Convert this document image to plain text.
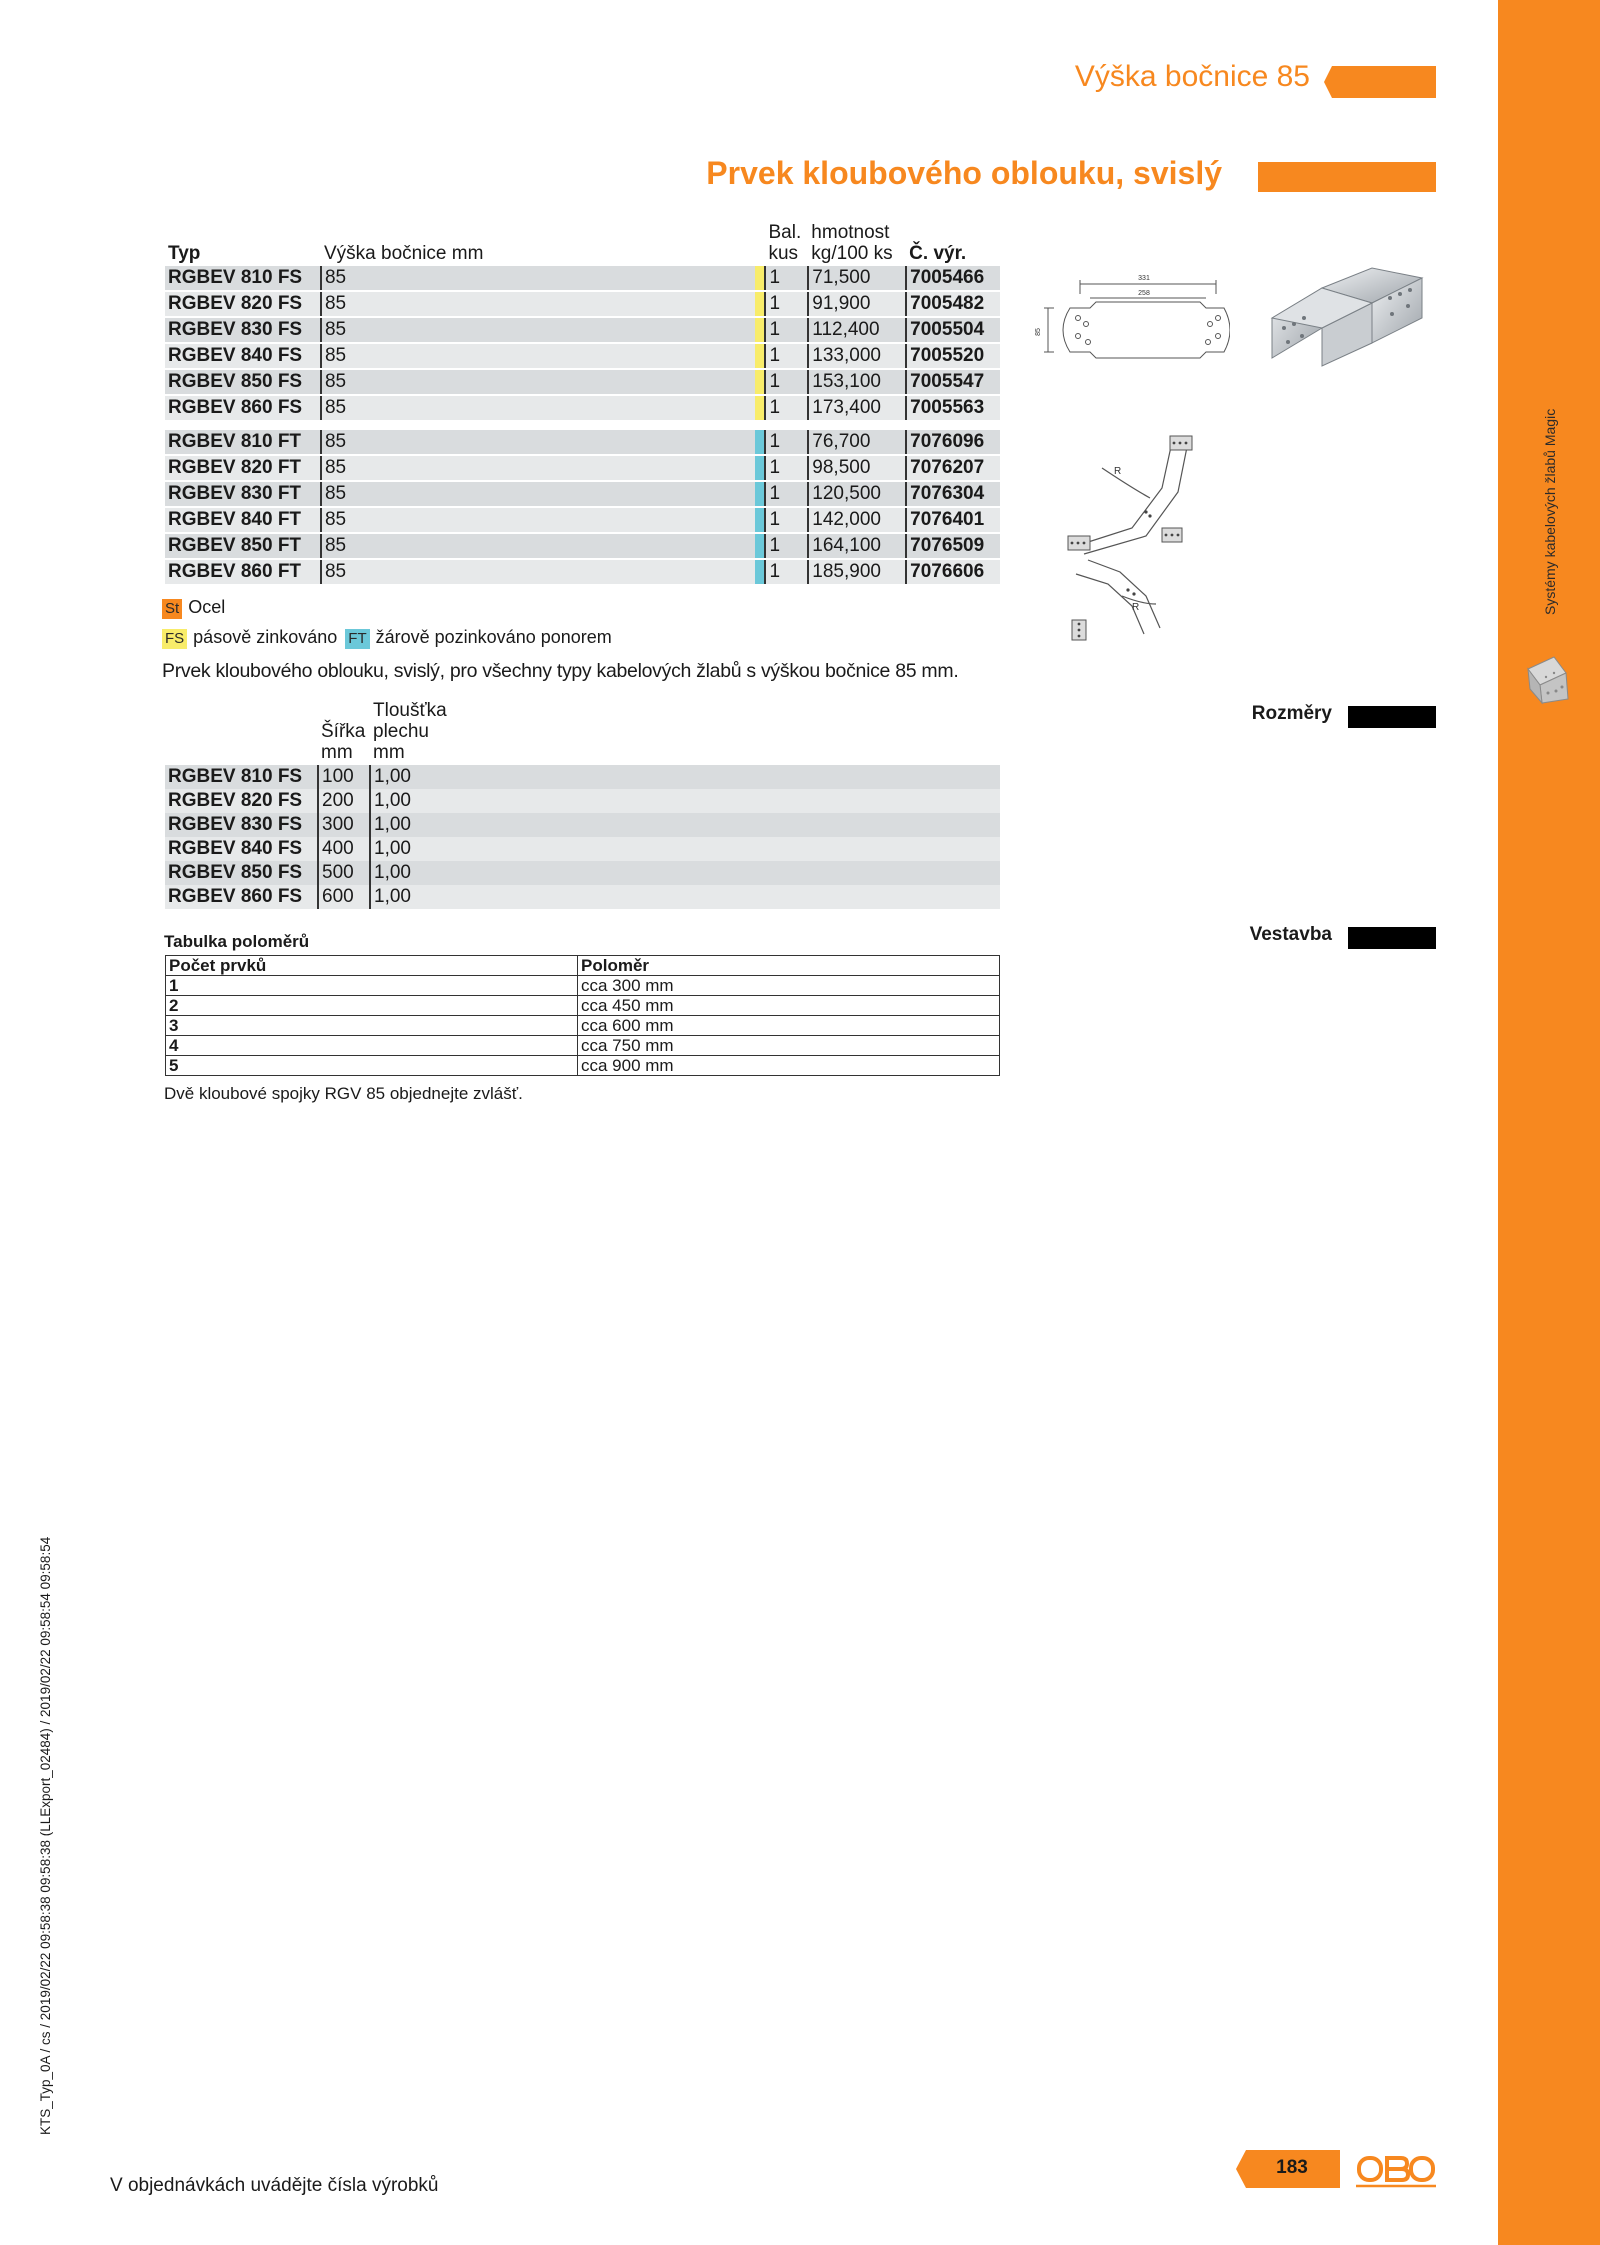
Systémy kabelových žlabů Magic
Výška bočnice 85
Prvek kloubového oblouku, svislý
Typ	Výška bočnice mm		Bal. kus	hmotnost kg/100 ks	Č. výr.
RGBEV 810 FS	85		1	71,500	7005466
RGBEV 820 FS	85		1	91,900	7005482
RGBEV 830 FS	85		1	112,400	7005504
RGBEV 840 FS	85		1	133,000	7005520
RGBEV 850 FS	85		1	153,100	7005547
RGBEV 860 FS	85		1	173,400	7005563

RGBEV 810 FT	85		1	76,700	7076096
RGBEV 820 FT	85		1	98,500	7076207
RGBEV 830 FT	85		1	120,500	7076304
RGBEV 840 FT	85		1	142,000	7076401
RGBEV 850 FT	85		1	164,100	7076509
RGBEV 860 FT	85		1	185,900	7076606
St Ocel
FS pásově zinkováno FT žárově pozinkováno ponorem
Prvek kloubového oblouku, svislý, pro všechny typy kabelových žlabů s výškou bočnice 85 mm.
	Šířka mm	Tloušťka plechu mm	
RGBEV 810 FS	100	1,00	
RGBEV 820 FS	200	1,00	
RGBEV 830 FS	300	1,00	
RGBEV 840 FS	400	1,00	
RGBEV 850 FS	500	1,00	
RGBEV 860 FS	600	1,00	
Tabulka poloměrů
Počet prvků	Poloměr
1	cca 300 mm
2	cca 450 mm
3	cca 600 mm
4	cca 750 mm
5	cca 900 mm
Dvě kloubové spojky RGV 85 objednejte zvlášť.
Rozměry
Vestavba
331
258
85
R
R
KTS_Typ_0A / cs / 2019/02/22 09:58:38 09:58:38 (LLExport_02484) / 2019/02/22 09:58:54 09:58:54
V objednávkách uvádějte čísla výrobků
183
